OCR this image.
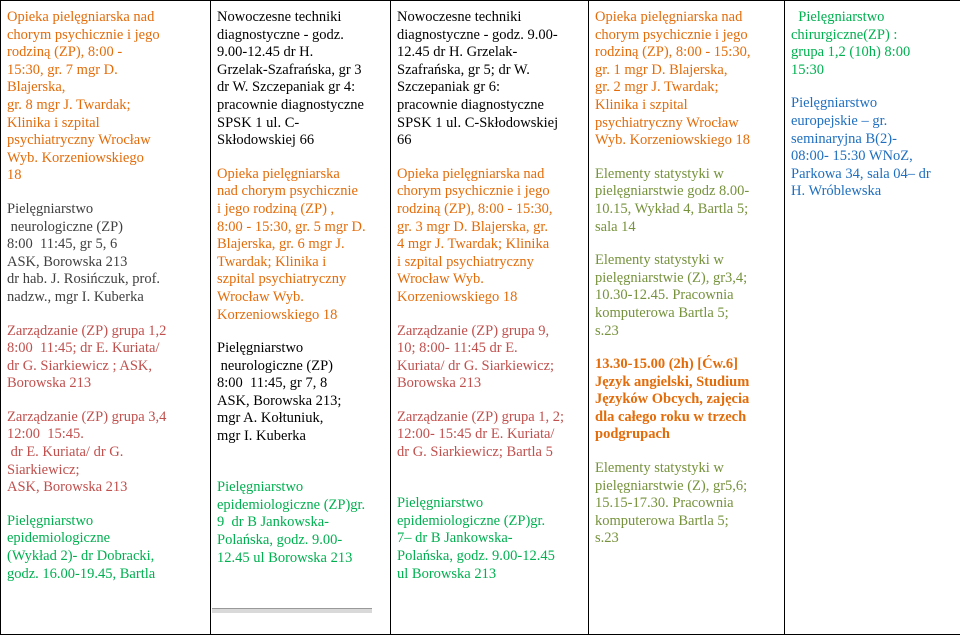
Opieka pielęgniarska nad
chorym psychicznie i jego
rodziną (ZP), 8:00 -
15:30, gr. 7 mgr D.
Blajerska,
gr. 8 mgr J. Twardak;
Klinika i szpital
psychiatryczny Wrocław
Wyb. Korzeniowskiego
18
Pielęgniarstwo
neurologiczne (ZP)
8:00  11:45, gr 5, 6
ASK, Borowska 213
dr hab. J. Rosińczuk, prof.
nadzw., mgr I. Kuberka
Zarządzanie (ZP) grupa 1,2
8:00  11:45; dr E. Kuriata/
dr G. Siarkiewicz ; ASK,
Borowska 213
Zarządzanie (ZP) grupa 3,4
12:00  15:45.
dr E. Kuriata/ dr G.
Siarkiewicz;
ASK, Borowska 213
Pielęgniarstwo
epidemiologiczne
(Wykład 2)- dr Dobracki,
godz. 16.00-19.45, Bartla

Nowoczesne techniki
diagnostyczne - godz.
9.00-12.45 dr H.
Grzelak-Szafrańska, gr 3
dr W. Szczepaniak gr 4:
pracownie diagnostyczne
SPSK 1 ul. C-
Skłodowskiej 66
Opieka pielęgniarska
nad chorym psychicznie
i jego rodziną (ZP) ,
8:00 - 15:30, gr. 5 mgr D.
Blajerska, gr. 6 mgr J.
Twardak; Klinika i
szpital psychiatryczny
Wrocław Wyb.
Korzeniowskiego 18
Pielęgniarstwo
neurologiczne (ZP)
8:00  11:45, gr 7, 8
ASK, Borowska 213;
mgr A. Kołtuniuk,
mgr I. Kuberka

Pielęgniarstwo
epidemiologiczne (ZP)gr.
9  dr B Jankowska-
Polańska, godz. 9.00-
12.45 ul Borowska 213

Nowoczesne techniki
diagnostyczne - godz. 9.00-
12.45 dr H. Grzelak-
Szafrańska, gr 5; dr W.
Szczepaniak gr 6:
pracownie diagnostyczne
SPSK 1 ul. C-Skłodowskiej
66
Opieka pielęgniarska nad
chorym psychicznie i jego
rodziną (ZP), 8:00 - 15:30,
gr. 3 mgr D. Blajerska, gr.
4 mgr J. Twardak; Klinika
i szpital psychiatryczny
Wrocław Wyb.
Korzeniowskiego 18
Zarządzanie (ZP) grupa 9,
10; 8:00- 11:45 dr E.
Kuriata/ dr G. Siarkiewicz;
Borowska 213
Zarządzanie (ZP) grupa 1, 2;
12:00- 15:45 dr E. Kuriata/
dr G. Siarkiewicz; Bartla 5

Pielęgniarstwo
epidemiologiczne (ZP)gr.
7– dr B Jankowska-
Polańska, godz. 9.00-12.45
ul Borowska 213

Opieka pielęgniarska nad
chorym psychicznie i jego
rodziną (ZP), 8:00 - 15:30,
gr. 1 mgr D. Blajerska,
gr. 2 mgr J. Twardak;
Klinika i szpital
psychiatryczny Wrocław
Wyb. Korzeniowskiego 18
Elementy statystyki w
pielęgniarstwie godz 8.00-
10.15, Wykład 4, Bartla 5;
sala 14
Elementy statystyki w
pielęgniarstwie (Z), gr3,4;
10.30-12.45. Pracownia
komputerowa Bartla 5;
s.23
13.30-15.00 (2h) [Ćw.6]
Język angielski, Studium
Języków Obcych, zajęcia
dla całego roku w trzech
podgrupach
Elementy statystyki w
pielęgniarstwie (Z), gr5,6;
15.15-17.30. Pracownia
komputerowa Bartla 5;
s.23

Pielęgniarstwo
chirurgiczne(ZP) :
grupa 1,2 (10h) 8:00
15:30
Pielęgniarstwo
europejskie – gr.
seminaryjna B(2)-
08:00- 15:30 WNoZ,
Parkowa 34, sala 04– dr
H. Wróblewska
